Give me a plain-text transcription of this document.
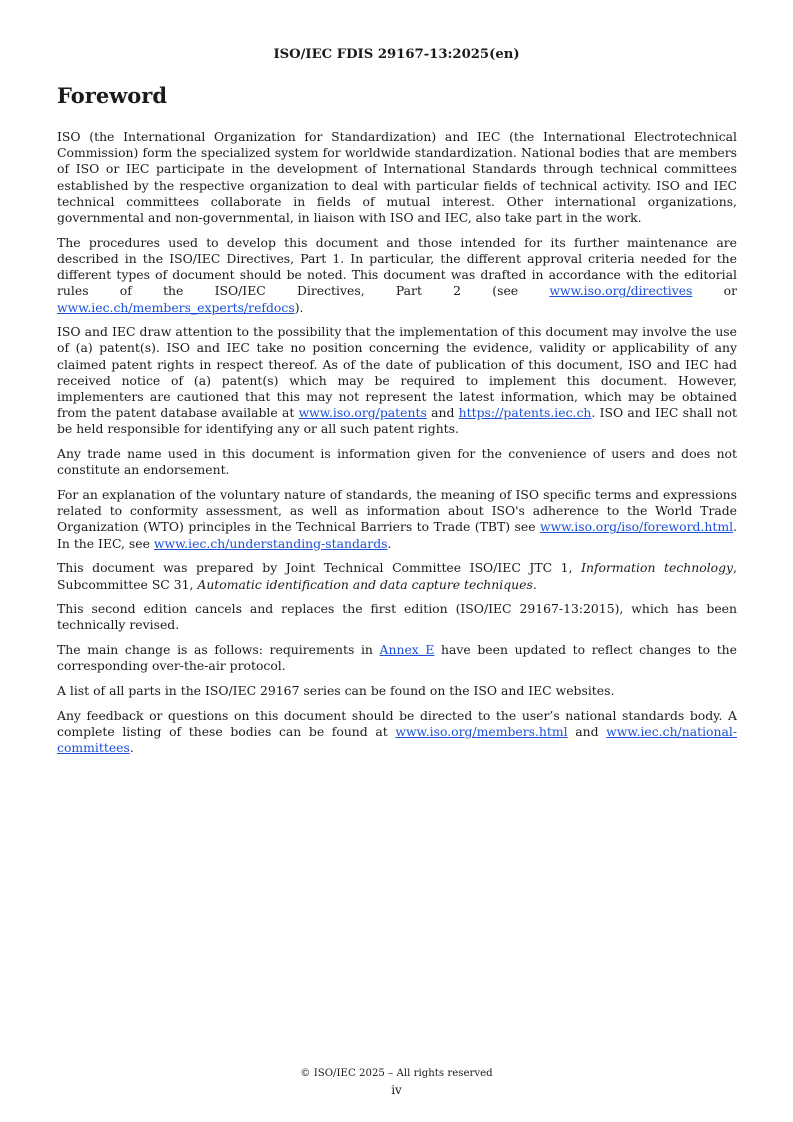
ISO/IEC FDIS 29167-13:2025(en)
Foreword

ISO (the International Organization for Standardization) and IEC (the International Electrotechnical Commission) form the specialized system for worldwide standardization. National bodies that are members of ISO or IEC participate in the development of International Standards through technical committees established by the respective organization to deal with particular fields of technical activity. ISO and IEC technical committees collaborate in fields of mutual interest. Other international organizations, governmental and non-governmental, in liaison with ISO and IEC, also take part in the work.

The procedures used to develop this document and those intended for its further maintenance are described in the ISO/IEC Directives, Part 1. In particular, the different approval criteria needed for the different types of document should be noted. This document was drafted in accordance with the editorial rules of the ISO/IEC Directives, Part 2 (see www.iso.org/directives or www.iec.ch/members_experts/refdocs).

ISO and IEC draw attention to the possibility that the implementation of this document may involve the use of (a) patent(s). ISO and IEC take no position concerning the evidence, validity or applicability of any claimed patent rights in respect thereof. As of the date of publication of this document, ISO and IEC had received notice of (a) patent(s) which may be required to implement this document. However, implementers are cautioned that this may not represent the latest information, which may be obtained from the patent database available at www.iso.org/patents and https://patents.iec.ch. ISO and IEC shall not be held responsible for identifying any or all such patent rights.

Any trade name used in this document is information given for the convenience of users and does not constitute an endorsement.

For an explanation of the voluntary nature of standards, the meaning of ISO specific terms and expressions related to conformity assessment, as well as information about ISO's adherence to the World Trade Organization (WTO) principles in the Technical Barriers to Trade (TBT) see www.iso.org/iso/foreword.html. In the IEC, see www.iec.ch/understanding-standards.

This document was prepared by Joint Technical Committee ISO/IEC JTC 1, Information technology, Subcommittee SC 31, Automatic identification and data capture techniques.

This second edition cancels and replaces the first edition (ISO/IEC 29167-13:2015), which has been technically revised.

The main change is as follows: requirements in Annex E have been updated to reflect changes to the corresponding over-the-air protocol.

A list of all parts in the ISO/IEC 29167 series can be found on the ISO and IEC websites.

Any feedback or questions on this document should be directed to the user’s national standards body. A complete listing of these bodies can be found at www.iso.org/members.html and www.iec.ch/national-committees.

© ISO/IEC 2025 – All rights reserved
iv
